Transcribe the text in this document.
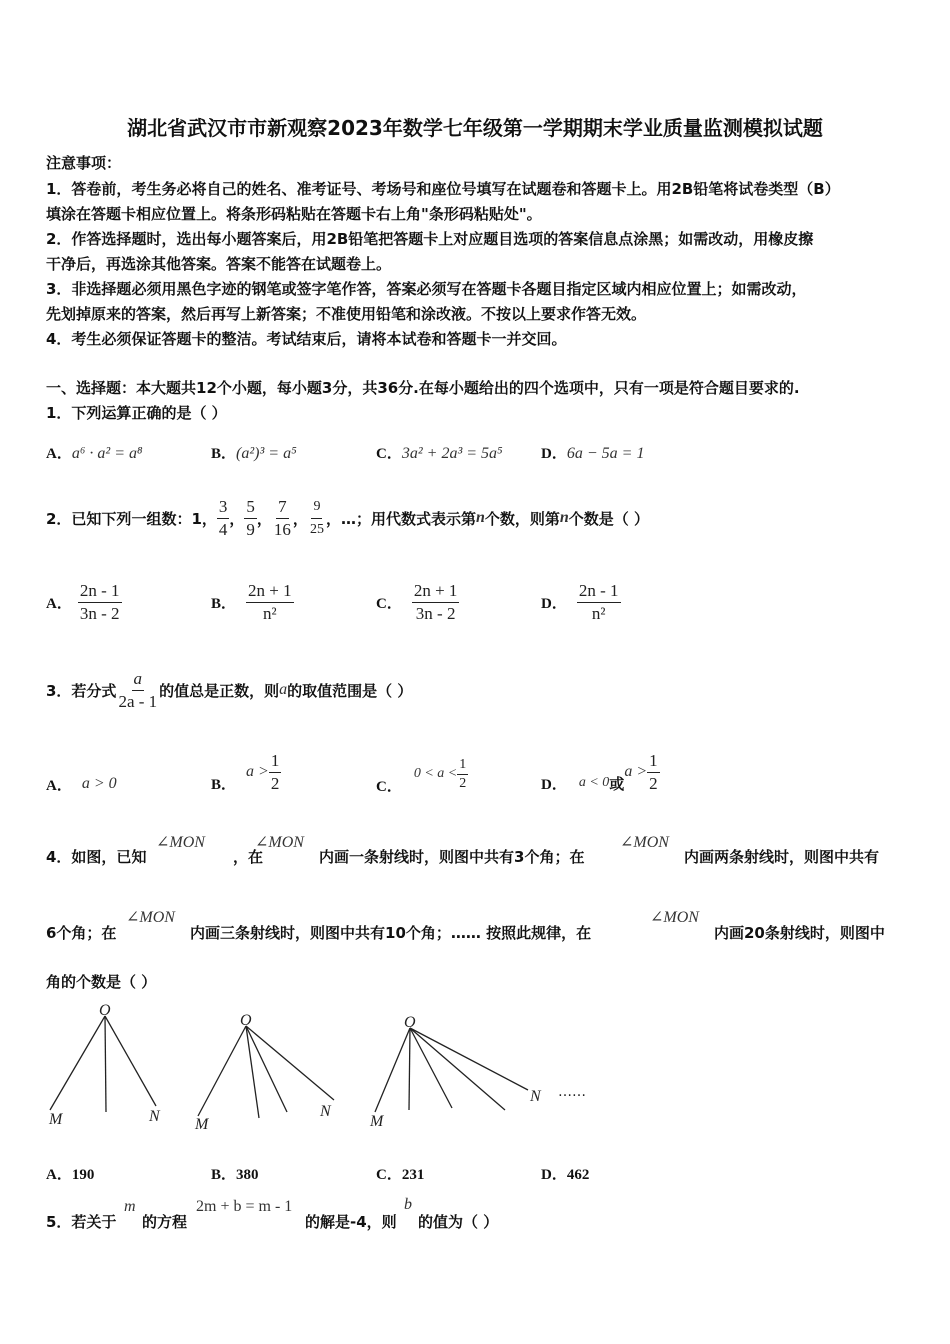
湖北省武汉市市新观察2023年数学七年级第一学期期末学业质量监测模拟试题
注意事项：
1．答卷前，考生务必将自己的姓名、准考证号、考场号和座位号填写在试题卷和答题卡上。用2B铅笔将试卷类型（B）
填涂在答题卡相应位置上。将条形码粘贴在答题卡右上角"条形码粘贴处"。
2．作答选择题时，选出每小题答案后，用2B铅笔把答题卡上对应题目选项的答案信息点涂黑；如需改动，用橡皮擦
干净后，再选涂其他答案。答案不能答在试题卷上。
3．非选择题必须用黑色字迹的钢笔或签字笔作答，答案必须写在答题卡各题目指定区域内相应位置上；如需改动，
先划掉原来的答案，然后再写上新答案；不准使用铅笔和涂改液。不按以上要求作答无效。
4．考生必须保证答题卡的整洁。考试结束后，请将本试卷和答题卡一并交回。
一、选择题：本大题共12个小题，每小题3分，共36分.在每小题给出的四个选项中，只有一项是符合题目要求的.
1．下列运算正确的是（ ）
A．a⁶ · a² = a⁸	B．(a²)³ = a⁵	C．3a² + 2a³ = 5a⁵	D．6a − 5a = 1
2．已知下列一组数：1， $\frac{3}{4}$ ， $\frac{5}{9}$ ， $\frac{7}{16}$ ， $\frac{9}{25}$ ，…；用代数式表示第 n 个数，则第 n 个数是（ ）
A． $\frac{2n - 1}{3n - 2}$	B． $\frac{2n + 1}{\text{n²}}$	C． $\frac{2n + 1}{3n - 2}$	D． $\frac{2n - 1}{\text{n²}}$
3．若分式 $\frac{a}{2a - 1}$ 的值总是正数，则 a 的取值范围是（ ）
A． a > 0	B．
$a > \frac{1}{2}$	C．
$0 < a < \frac{1}{2}$	D． a < 0 或
$a > \frac{1}{2}$
4．如图，已知
∠MON
，在
∠MON
内画一条射线时，则图中共有3个角；在
∠MON
内画两条射线时，则图中共有
6个角；在
∠MON
内画三条射线时，则图中共有10个角；…… 按照此规律，在
∠MON
内画20条射线时，则图中
角的个数是（ ）
O
M	N
O
M
N
O
M
N ……
A．190	B．380	C．231	D．462
5．若关于
m
的方程
2m + b = m - 1
的解是-4，则
b
的值为（ ）
